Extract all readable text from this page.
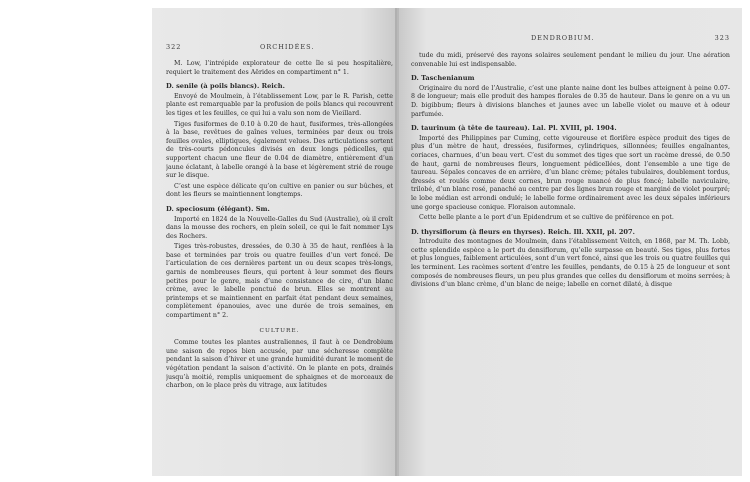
322	ORCHIDÉES.

M. Low, l’intrépide explorateur de cette île si peu hospitalière, requiert le traitement des Aërides en compartiment n° 1.

D. senile (à poils blancs). Reich.

Envoyé de Moulmein, à l’établissement Low, par le R. Parish, cette plante est remarquable par la profusion de poils blancs qui recouvrent les tiges et les feuilles, ce qui lui a valu son nom de Vieillard.

Tiges fusiformes de 0.10 à 0.20 de haut, fusiformes, très-allongées à la base, revêtues de gaînes velues, terminées par deux ou trois feuilles ovales, elliptiques, également velues. Des articulations sortent de très-courts pédoncules divisés en deux longs pédicelles, qui supportent chacun une fleur de 0.04 de diamètre, entièrement d’un jaune éclatant, à labelle orangé à la base et légèrement strié de rouge sur le disque.

C’est une espèce délicate qu’on cultive en panier ou sur bûches, et dont les fleurs se maintiennent longtemps.

D. speciosum (élégant). Sm.

Importé en 1824 de la Nouvelle-Galles du Sud (Australie), où il croît dans la mousse des rochers, en plein soleil, ce qui le fait nommer Lys des Rochers.

Tiges très-robustes, dressées, de 0.30 à 35 de haut, renflées à la base et terminées par trois ou quatre feuilles d’un vert foncé. De l’articulation de ces dernières partent un ou deux scapes très-longs, garnis de nombreuses fleurs, qui portent à leur sommet des fleurs petites pour le genre, mais d’une consistance de cire, d’un blanc crème, avec le labelle ponctué de brun. Elles se montrent au printemps et se maintiennent en parfait état pendant deux semaines, complètement épanouies, avec une durée de trois semaines, en compartiment n° 2.

CULTURE.

Comme toutes les plantes australiennes, il faut à ce Dendrobium une saison de repos bien accusée, par une sécheresse complète pendant la saison d’hiver et une grande humidité durant le moment de végétation pendant la saison d’activité. On le plante en pots, drainés jusqu’à moitié, remplis uniquement de sphaignes et de morceaux de charbon, on le place près du vitrage, aux latitudes

DENDROBIUM.	323

tude du midi, préservé des rayons solaires seulement pendant le milieu du jour. Une aération convenable lui est indispensable.

D. Taschenianum

Originaire du nord de l’Australie, c’est une plante naine dont les bulbes atteignent à peine 0.07-8 de longueur; mais elle produit des hampes florales de 0.35 de hauteur. Dans le genre on a vu un D. bigibbum; fleurs à divisions blanches et jaunes avec un labelle violet ou mauve et à odeur parfumée.

D. taurinum (à tête de taureau). Lal. Pl. XVIII, pl. 1904.

Importé des Philippines par Cuming, cette vigoureuse et florifère espèce produit des tiges de plus d’un mètre de haut, dressées, fusiformes, cylindriques, sillonnées; feuilles engaînantes, coriaces, charnues, d’un beau vert. C’est du sommet des tiges que sort un racème dressé, de 0.50 de haut, garni de nombreuses fleurs, longuement pédicellées, dont l’ensemble a une tige de taureau. Sépales concaves de en arrière, d’un blanc crème; pétales tubulaires, doublement tordus, dressés et roulés comme deux cornes, brun rouge nuancé de plus foncé; labelle naviculaire, trilobé, d’un blanc rosé, panaché au centre par des lignes brun rouge et marginé de violet pourpré; le lobe médian est arrondi ondulé; le labelle forme ordinairement avec les deux sépales inférieurs une gorge spacieuse conique. Floraison automnale.

Cette belle plante a le port d’un Epidendrum et se cultive de préférence en pot.

D. thyrsiflorum (à fleurs en thyrses). Reich. Ill. XXII, pl. 207.

Introduite des montagnes de Moulmein, dans l’établissement Veitch, en 1868, par M. Th. Lobb, cette splendide espèce a le port du densiflorum, qu’elle surpasse en beauté. Ses tiges, plus fortes et plus longues, faiblement articulées, sont d’un vert foncé, ainsi que les trois ou quatre feuilles qui les terminent. Les racèmes sortent d’entre les feuilles, pendants, de 0.15 à 25 de longueur et sont composés de nombreuses fleurs, un peu plus grandes que celles du densiflorum et moins serrées; à divisions d’un blanc crème, d’un blanc de neige; labelle en cornet dilaté, à disque
